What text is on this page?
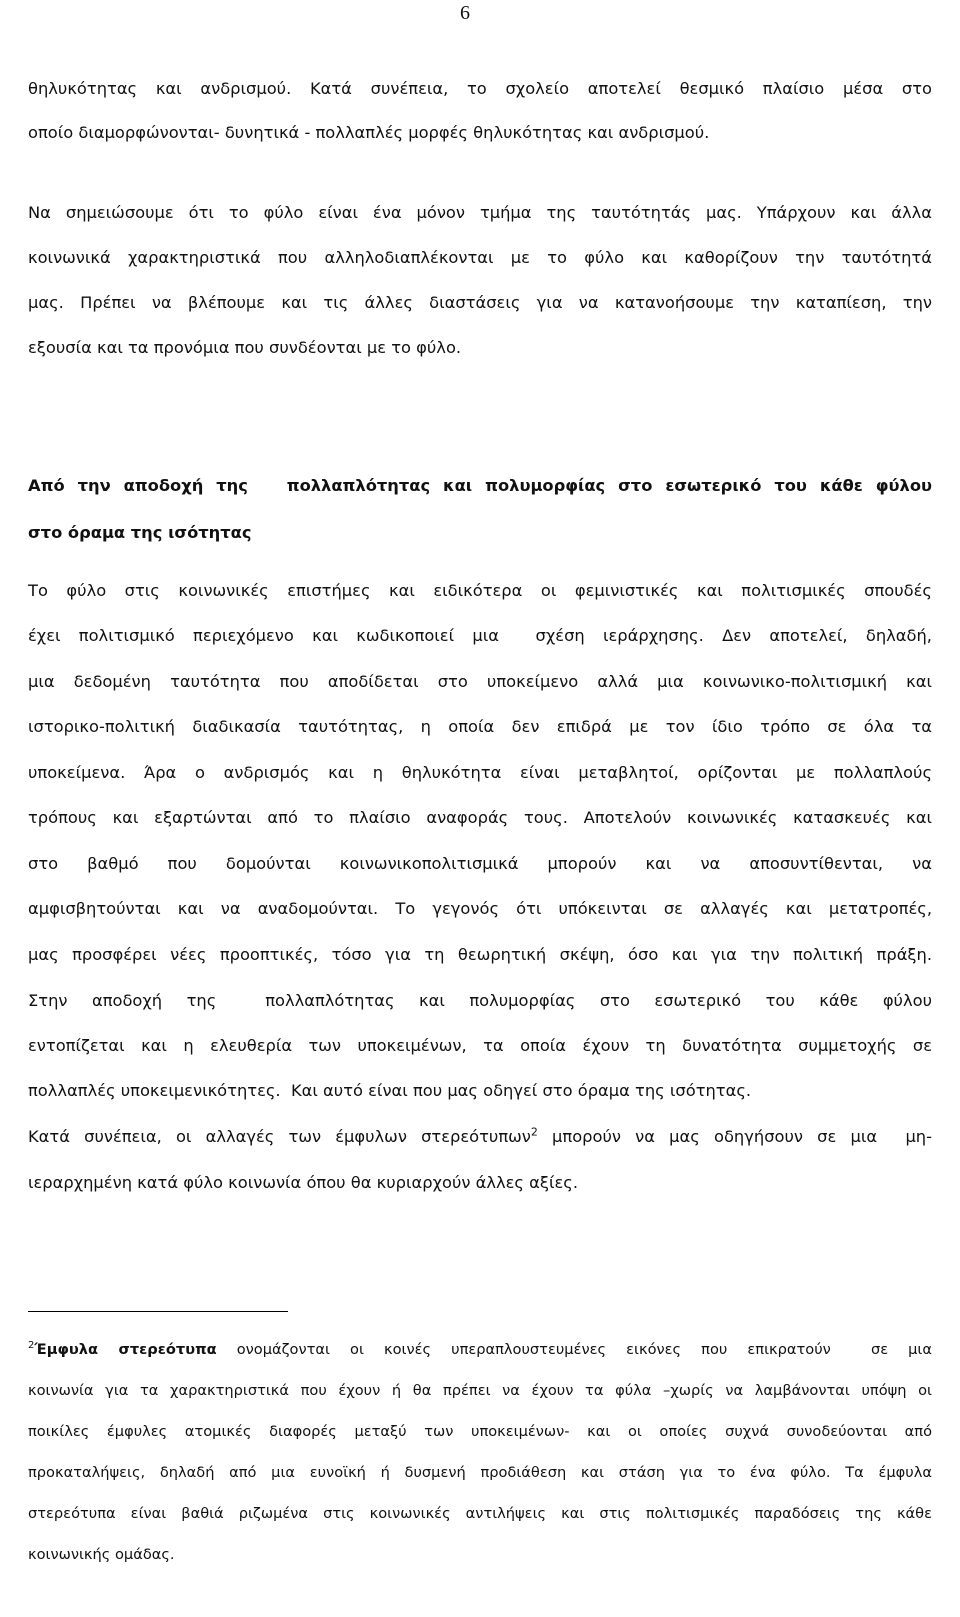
6
θηλυκότητας και ανδρισμού. Κατά συνέπεια, το σχολείο αποτελεί θεσμικό πλαίσιο μέσα στο
οποίο διαμορφώνονται- δυνητικά - πολλαπλές μορφές θηλυκότητας και ανδρισμού.
Να σημειώσουμε ότι το φύλο είναι ένα μόνον τμήμα της ταυτότητάς μας. Υπάρχουν και άλλα
κοινωνικά χαρακτηριστικά που αλληλοδιαπλέκονται με το φύλο και καθορίζουν την ταυτότητά
μας. Πρέπει να βλέπουμε και τις άλλες διαστάσεις για να κατανοήσουμε την καταπίεση, την
εξουσία και τα προνόμια που συνδέονται με το φύλο.
Από την αποδοχή της   πολλαπλότητας και πολυμορφίας στο εσωτερικό του κάθε φύλου
στο όραμα της ισότητας
Το φύλο στις κοινωνικές επιστήμες και ειδικότερα οι φεμινιστικές και πολιτισμικές σπουδές
έχει πολιτισμικό περιεχόμενο και κωδικοποιεί μια  σχέση ιεράρχησης. Δεν αποτελεί, δηλαδή,
μια δεδομένη ταυτότητα που αποδίδεται στο υποκείμενο αλλά μια κοινωνικο-πολιτισμική και
ιστορικο-πολιτική διαδικασία ταυτότητας, η οποία δεν επιδρά με τον ίδιο τρόπο σε όλα τα
υποκείμενα. Άρα ο ανδρισμός και η θηλυκότητα είναι μεταβλητοί, ορίζονται με πολλαπλούς
τρόπους και εξαρτώνται από το πλαίσιο αναφοράς τους. Αποτελούν κοινωνικές κατασκευές και
στο βαθμό που δομούνται κοινωνικοπολιτισμικά μπορούν και να αποσυντίθενται, να
αμφισβητούνται και να αναδομούνται. Το γεγονός ότι υπόκεινται σε αλλαγές και μετατροπές,
μας προσφέρει νέες προοπτικές, τόσο για τη θεωρητική σκέψη, όσο και για την πολιτική πράξη.
Στην αποδοχή της  πολλαπλότητας και πολυμορφίας στο εσωτερικό του κάθε φύλου
εντοπίζεται και η ελευθερία των υποκειμένων, τα οποία έχουν τη δυνατότητα συμμετοχής σε
πολλαπλές υποκειμενικότητες.  Και αυτό είναι που μας οδηγεί στο όραμα της ισότητας.
Κατά συνέπεια, οι αλλαγές των έμφυλων στερεότυπων$^2$ μπορούν να μας οδηγήσουν σε μια  μη-
ιεραρχημένη κατά φύλο κοινωνία όπου θα κυριαρχούν άλλες αξίες.
$^2$Έμφυλα στερεότυπα ονομάζονται οι κοινές υπεραπλουστευμένες εικόνες που επικρατούν  σε μια
κοινωνία για τα χαρακτηριστικά που έχουν ή θα πρέπει να έχουν τα φύλα –χωρίς να λαμβάνονται υπόψη οι
ποικίλες έμφυλες ατομικές διαφορές μεταξύ των υποκειμένων- και οι οποίες συχνά συνοδεύονται από
προκαταλήψεις, δηλαδή από μια ευνοϊκή ή δυσμενή προδιάθεση και στάση για το ένα φύλο. Τα έμφυλα
στερεότυπα είναι βαθιά ριζωμένα στις κοινωνικές αντιλήψεις και στις πολιτισμικές παραδόσεις της κάθε
κοινωνικής ομάδας.
